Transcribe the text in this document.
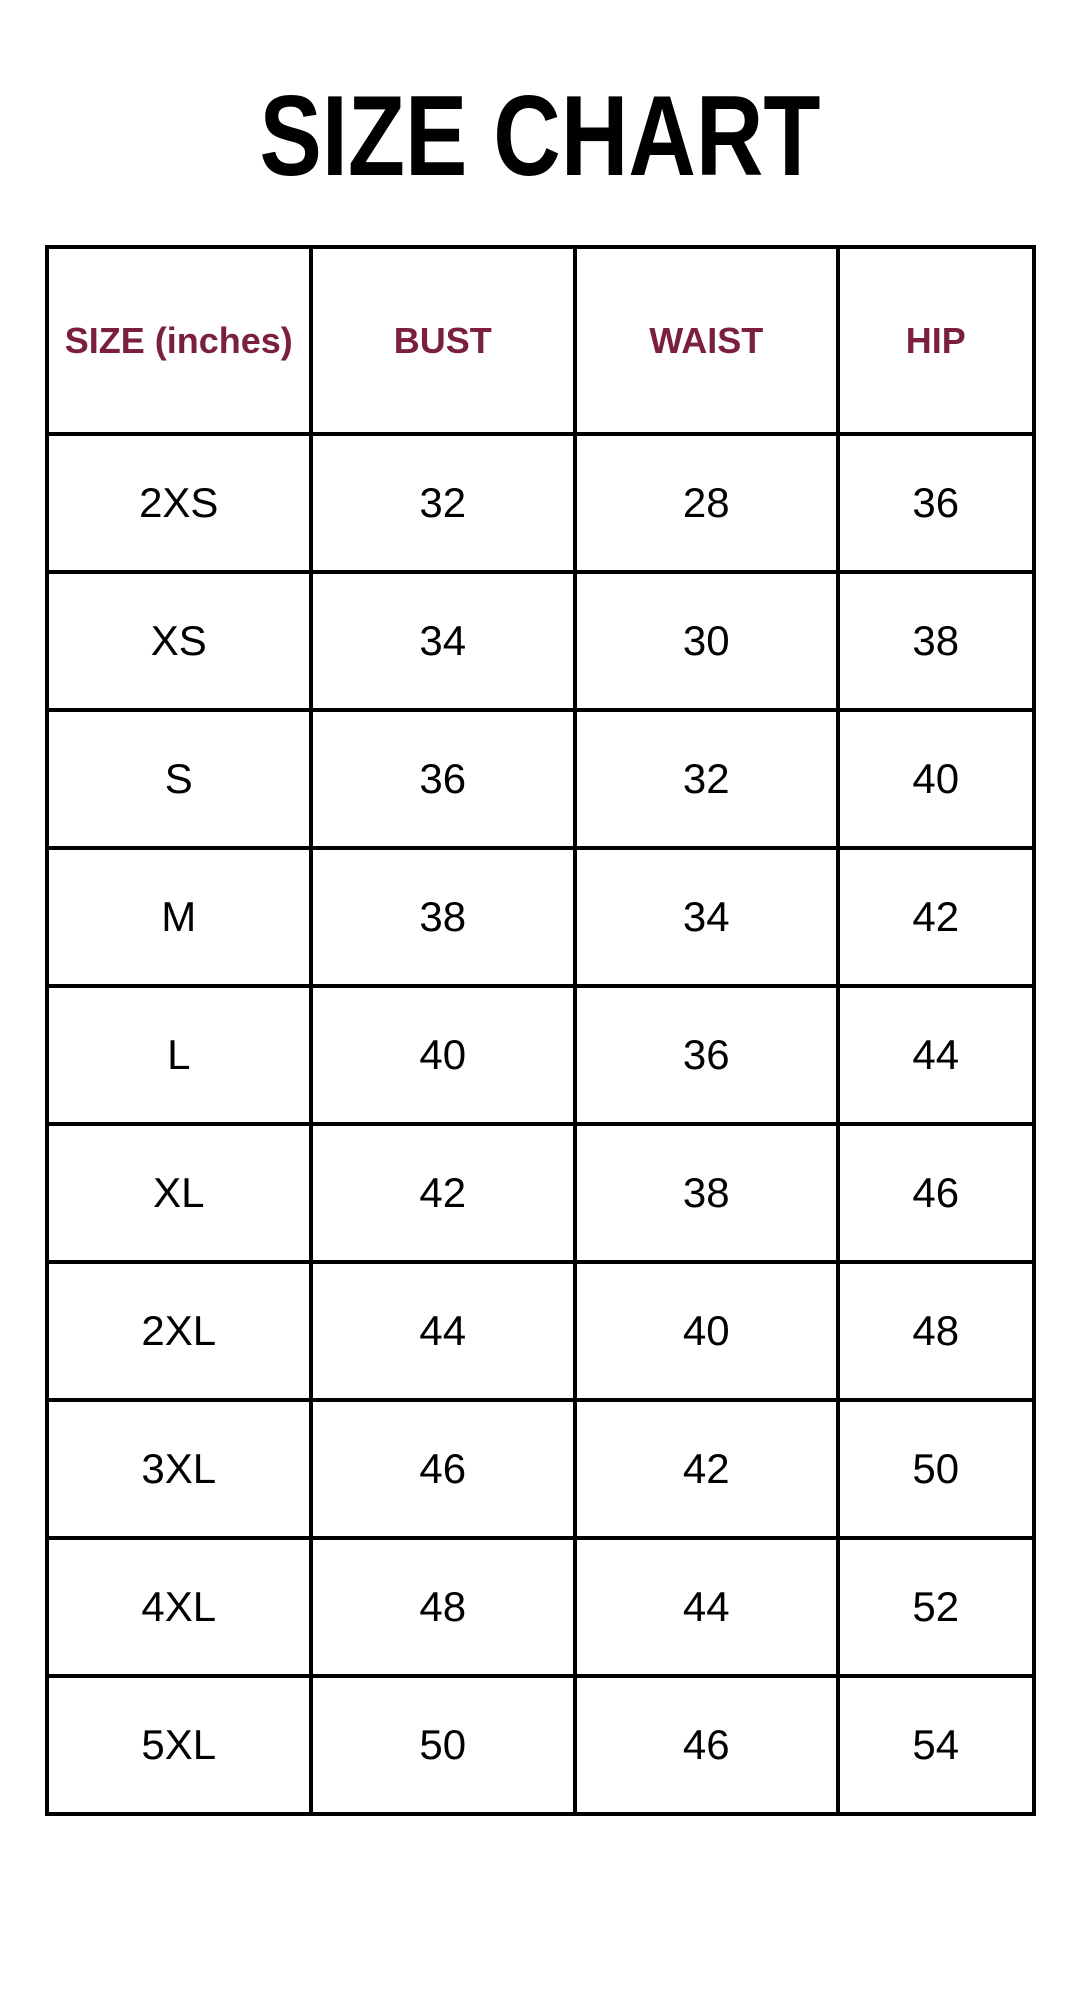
SIZE CHART
SIZE (inches)	BUST	WAIST	HIP
2XS	32	28	36
XS	34	30	38
S	36	32	40
M	38	34	42
L	40	36	44
XL	42	38	46
2XL	44	40	48
3XL	46	42	50
4XL	48	44	52
5XL	50	46	54
